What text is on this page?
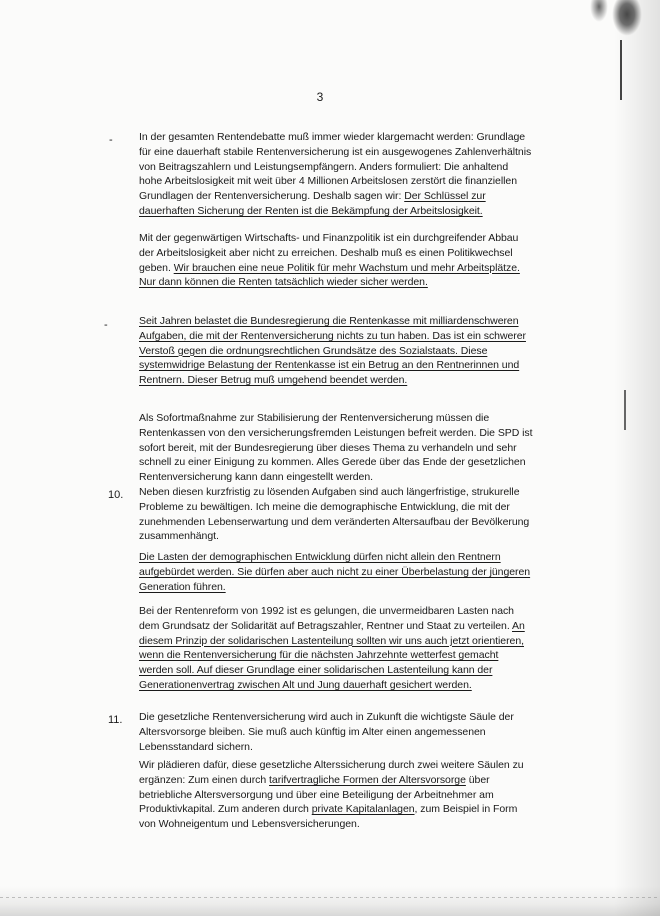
3
-	In der gesamten Rentendebatte muß immer wieder klargemacht werden: Grundlage für eine dauerhaft stabile Rentenversicherung ist ein ausgewogenes Zahlenverhältnis von Beitragszahlern und Leistungsempfängern. Anders formuliert: Die anhaltend hohe Arbeitslosigkeit mit weit über 4 Millionen Arbeitslosen zerstört die finanziellen Grundlagen der Rentenversicherung. Deshalb sagen wir: Der Schlüssel zur dauerhaften Sicherung der Renten ist die Bekämpfung der Arbeitslosigkeit.

Mit der gegenwärtigen Wirtschafts- und Finanzpolitik ist ein durchgreifender Abbau der Arbeitslosigkeit aber nicht zu erreichen. Deshalb muß es einen Politikwechsel geben. Wir brauchen eine neue Politik für mehr Wachstum und mehr Arbeitsplätze. Nur dann können die Renten tatsächlich wieder sicher werden.

-	Seit Jahren belastet die Bundesregierung die Rentenkasse mit milliardenschweren Aufgaben, die mit der Rentenversicherung nichts zu tun haben. Das ist ein schwerer Verstoß gegen die ordnungsrechtlichen Grundsätze des Sozialstaats. Diese systemwidrige Belastung der Rentenkasse ist ein Betrug an den Rentnerinnen und Rentnern. Dieser Betrug muß umgehend beendet werden.

Als Sofortmaßnahme zur Stabilisierung der Rentenversicherung müssen die Rentenkassen von den versicherungsfremden Leistungen befreit werden. Die SPD ist sofort bereit, mit der Bundesregierung über dieses Thema zu verhandeln und sehr schnell zu einer Einigung zu kommen. Alles Gerede über das Ende der gesetzlichen Rentenversicherung kann dann eingestellt werden.

10. Neben diesen kurzfristig zu lösenden Aufgaben sind auch längerfristige, strukurelle Probleme zu bewältigen. Ich meine die demographische Entwicklung, die mit der zunehmenden Lebenserwartung und dem veränderten Altersaufbau der Bevölkerung zusammenhängt.

Die Lasten der demographischen Entwicklung dürfen nicht allein den Rentnern aufgebürdet werden. Sie dürfen aber auch nicht zu einer Überbelastung der jüngeren Generation führen.

Bei der Rentenreform von 1992 ist es gelungen, die unvermeidbaren Lasten nach dem Grundsatz der Solidarität auf Betragszahler, Rentner und Staat zu verteilen. An diesem Prinzip der solidarischen Lastenteilung sollten wir uns auch jetzt orientieren, wenn die Rentenversicherung für die nächsten Jahrzehnte wetterfest gemacht werden soll. Auf dieser Grundlage einer solidarischen Lastenteilung kann der Generationenvertrag zwischen Alt und Jung dauerhaft gesichert werden.

11. Die gesetzliche Rentenversicherung wird auch in Zukunft die wichtigste Säule der Altersvorsorge bleiben. Sie muß auch künftig im Alter einen angemessenen Lebensstandard sichern.

Wir plädieren dafür, diese gesetzliche Alterssicherung durch zwei weitere Säulen zu ergänzen: Zum einen durch tarifvertragliche Formen der Altersvorsorge über betriebliche Altersversorgung und über eine Beteiligung der Arbeitnehmer am Produktivkapital. Zum anderen durch private Kapitalanlagen, zum Beispiel in Form von Wohneigentum und Lebensversicherungen.
